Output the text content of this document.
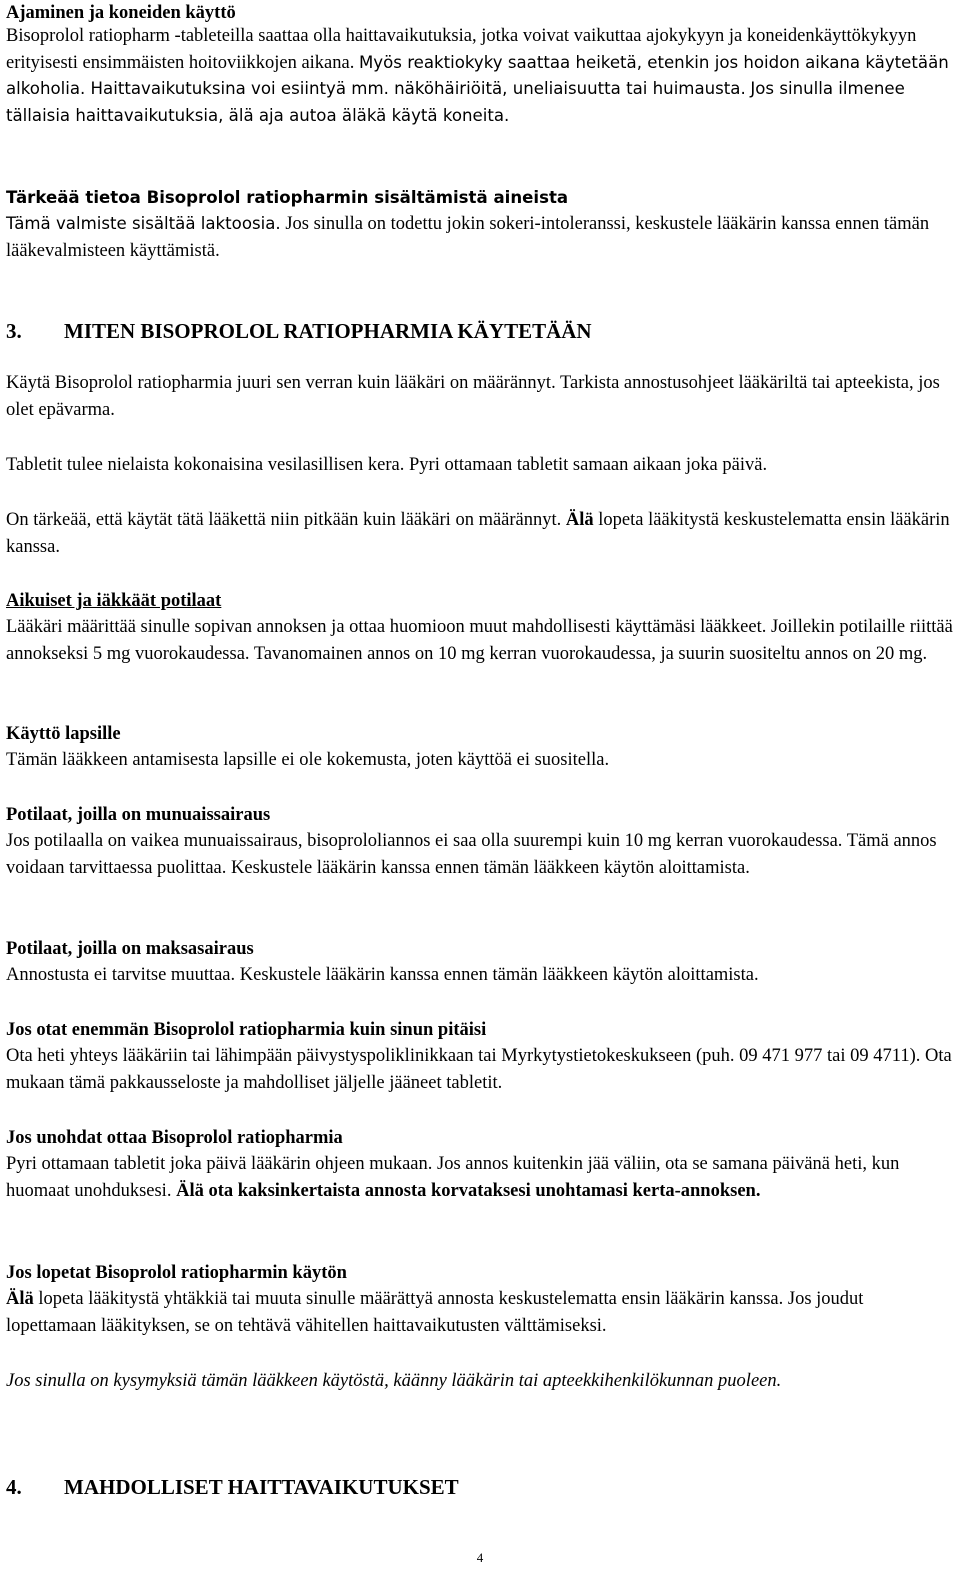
Ajaminen ja koneiden käyttö

Bisoprolol ratiopharm -tableteilla saattaa olla haittavaikutuksia, jotka voivat vaikuttaa ajokykyyn ja koneidenkäyttökykyyn erityisesti ensimmäisten hoitoviikkojen aikana. Myös reaktiokyky saattaa heiketä, etenkin jos hoidon aikana käytetään alkoholia. Haittavaikutuksina voi esiintyä mm. näköhäiriöitä, uneliaisuutta tai huimausta. Jos sinulla ilmenee tällaisia haittavaikutuksia, älä aja autoa äläkä käytä koneita.

Tärkeää tietoa Bisoprolol ratiopharmin sisältämistä aineista

Tämä valmiste sisältää laktoosia. Jos sinulla on todettu jokin sokeri-intoleranssi, keskustele lääkärin kanssa ennen tämän lääkevalmisteen käyttämistä.

3. MITEN BISOPROLOL RATIOPHARMIA KÄYTETÄÄN

Käytä Bisoprolol ratiopharmia juuri sen verran kuin lääkäri on määrännyt. Tarkista annostusohjeet lääkäriltä tai apteekista, jos olet epävarma.

Tabletit tulee nielaista kokonaisina vesilasillisen kera. Pyri ottamaan tabletit samaan aikaan joka päivä.

On tärkeää, että käytät tätä lääkettä niin pitkään kuin lääkäri on määrännyt. Älä lopeta lääkitystä keskustelematta ensin lääkärin kanssa.

Aikuiset ja iäkkäät potilaat

Lääkäri määrittää sinulle sopivan annoksen ja ottaa huomioon muut mahdollisesti käyttämäsi lääkkeet. Joillekin potilaille riittää annokseksi 5 mg vuorokaudessa. Tavanomainen annos on 10 mg kerran vuorokaudessa, ja suurin suositeltu annos on 20 mg.

Käyttö lapsille

Tämän lääkkeen antamisesta lapsille ei ole kokemusta, joten käyttöä ei suositella.

Potilaat, joilla on munuaissairaus

Jos potilaalla on vaikea munuaissairaus, bisoprololiannos ei saa olla suurempi kuin 10 mg kerran vuorokaudessa. Tämä annos voidaan tarvittaessa puolittaa. Keskustele lääkärin kanssa ennen tämän lääkkeen käytön aloittamista.

Potilaat, joilla on maksasairaus

Annostusta ei tarvitse muuttaa. Keskustele lääkärin kanssa ennen tämän lääkkeen käytön aloittamista.

Jos otat enemmän Bisoprolol ratiopharmia kuin sinun pitäisi

Ota heti yhteys lääkäriin tai lähimpään päivystyspoliklinikkaan tai Myrkytystietokeskukseen (puh. 09 471 977 tai 09 4711). Ota mukaan tämä pakkausseloste ja mahdolliset jäljelle jääneet tabletit.

Jos unohdat ottaa Bisoprolol ratiopharmia

Pyri ottamaan tabletit joka päivä lääkärin ohjeen mukaan. Jos annos kuitenkin jää väliin, ota se samana päivänä heti, kun huomaat unohduksesi. Älä ota kaksinkertaista annosta korvataksesi unohtamasi kerta-annoksen.

Jos lopetat Bisoprolol ratiopharmin käytön

Älä lopeta lääkitystä yhtäkkiä tai muuta sinulle määrättyä annosta keskustelematta ensin lääkärin kanssa. Jos joudut lopettamaan lääkityksen, se on tehtävä vähitellen haittavaikutusten välttämiseksi.

Jos sinulla on kysymyksiä tämän lääkkeen käytöstä, käänny lääkärin tai apteekkihenkilökunnan puoleen.

4. MAHDOLLISET HAITTAVAIKUTUKSET
4
